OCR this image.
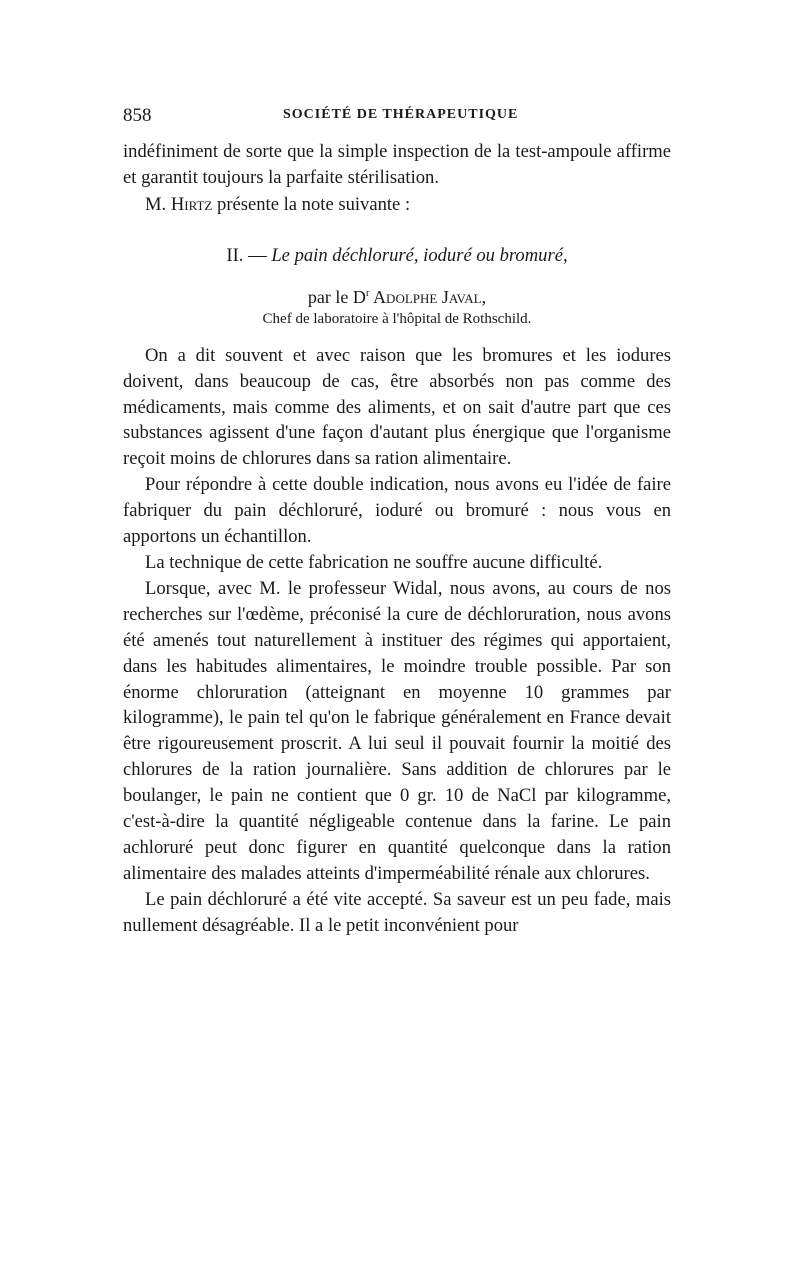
858	SOCIÉTÉ DE THÉRAPEUTIQUE

indéfiniment de sorte que la simple inspection de la test-ampoule affirme et garantit toujours la parfaite stérilisation.

M. Hirtz présente la note suivante :

II. — Le pain déchloruré, ioduré ou bromuré,
par le $D^r$ Adolphe Javal,
Chef de laboratoire à l'hôpital de Rothschild.

On a dit souvent et avec raison que les bromures et les iodures doivent, dans beaucoup de cas, être absorbés non pas comme des médicaments, mais comme des aliments, et on sait d'autre part que ces substances agissent d'une façon d'autant plus énergique que l'organisme reçoit moins de chlorures dans sa ration alimentaire.

Pour répondre à cette double indication, nous avons eu l'idée de faire fabriquer du pain déchloruré, ioduré ou bromuré : nous vous en apportons un échantillon.

La technique de cette fabrication ne souffre aucune difficulté.

Lorsque, avec M. le professeur Widal, nous avons, au cours de nos recherches sur l'œdème, préconisé la cure de déchloruration, nous avons été amenés tout naturellement à instituer des régimes qui apportaient, dans les habitudes alimentaires, le moindre trouble possible. Par son énorme chloruration (atteignant en moyenne 10 grammes par kilogramme), le pain tel qu'on le fabrique généralement en France devait être rigoureusement proscrit. A lui seul il pouvait fournir la moitié des chlorures de la ration journalière. Sans addition de chlorures par le boulanger, le pain ne contient que 0 gr. 10 de NaCl par kilogramme, c'est-à-dire la quantité négligeable contenue dans la farine. Le pain achloruré peut donc figurer en quantité quelconque dans la ration alimentaire des malades atteints d'imperméabilité rénale aux chlorures.

Le pain déchloruré a été vite accepté. Sa saveur est un peu fade, mais nullement désagréable. Il a le petit inconvénient pour
